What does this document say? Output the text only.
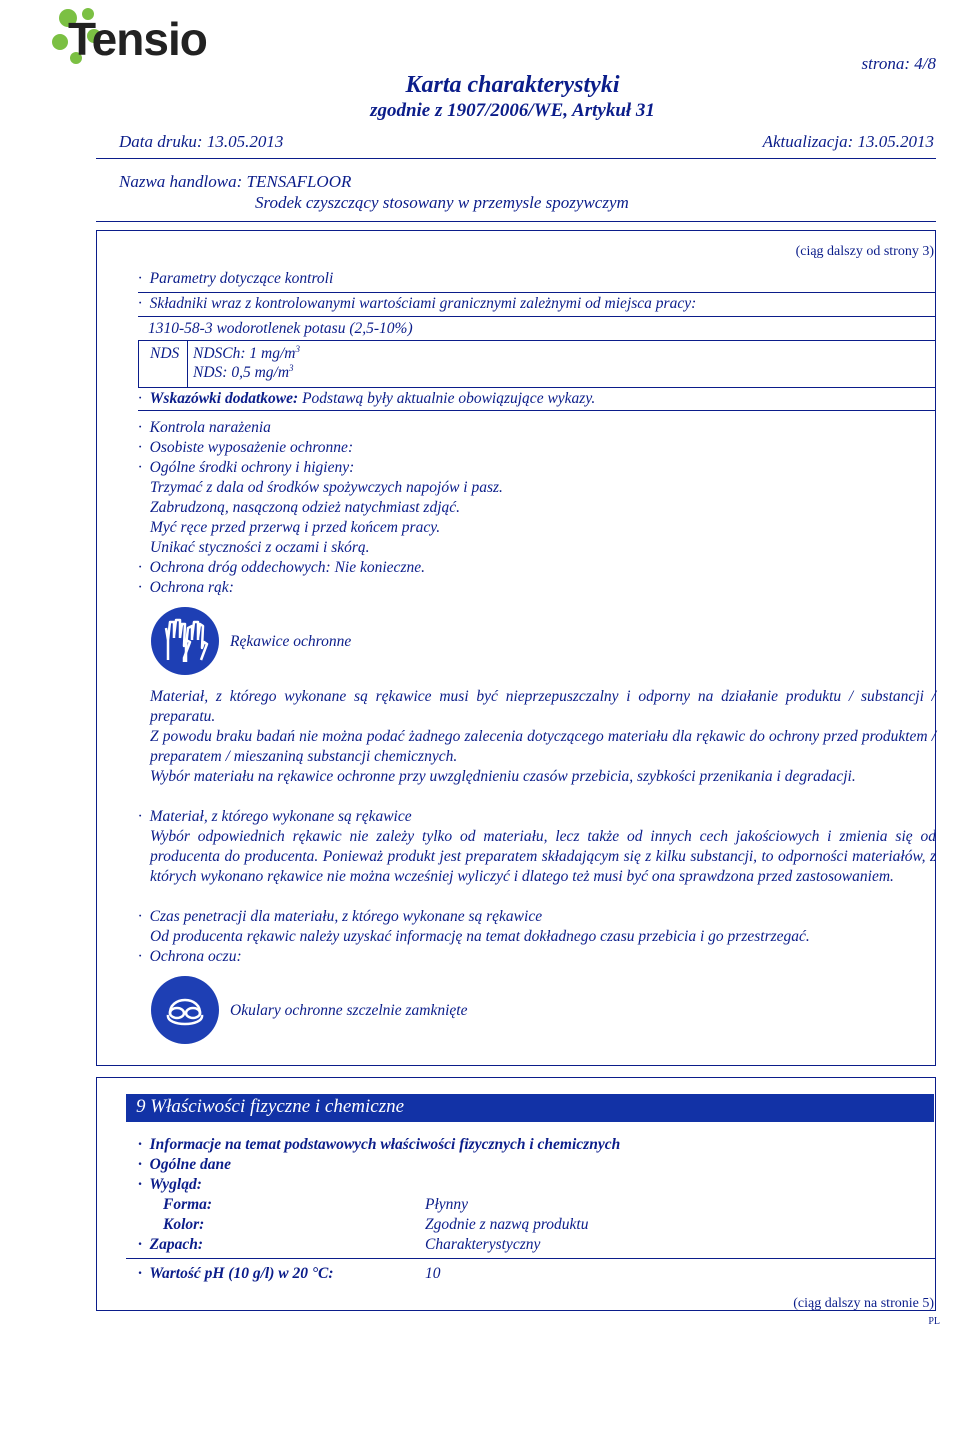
Tensio	strona: 4/8
Karta charakterystyki
zgodnie z 1907/2006/WE, Artykuł 31
Data druku: 13.05.2013	Aktualizacja: 13.05.2013
Nazwa handlowa: TENSAFLOOR
Srodek czyszczący stosowany w przemysle spozywczym
(ciąg dalszy od strony 3)
· Parametry dotyczące kontroli
· Składniki wraz z kontrolowanymi wartościami granicznymi zależnymi od miejsca pracy:
1310-58-3 wodorotlenek potasu (2,5-10%)
NDS NDSCh: 1 $mg/m^3$
NDS: 0,5 $mg/m^3$
· Wskazówki dodatkowe: Podstawą były aktualnie obowiązujące wykazy.
· Kontrola narażenia
· Osobiste wyposażenie ochronne:
· Ogólne środki ochrony i higieny:
Trzymać z dala od środków spożywczych napojów i pasz.
Zabrudzoną, nasączoną odzież natychmiast zdjąć.
Myć ręce przed przerwą i przed końcem pracy.
Unikać styczności z oczami i skórą.
· Ochrona dróg oddechowych: Nie konieczne.
· Ochrona rąk:
Rękawice ochronne
Materiał, z którego wykonane są rękawice musi być nieprzepuszczalny i odporny na działanie produktu / substancji / preparatu.
Z powodu braku badań nie można podać żadnego zalecenia dotyczącego materiału dla rękawic do ochrony przed produktem / preparatem / mieszaniną substancji chemicznych.
Wybór materiału na rękawice ochronne przy uwzględnieniu czasów przebicia, szybkości przenikania i degradacji.
· Materiał, z którego wykonane są rękawice
Wybór odpowiednich rękawic nie zależy tylko od materiału, lecz także od innych cech jakościowych i zmienia się od producenta do producenta. Ponieważ produkt jest preparatem składającym się z kilku substancji, to odporności materiałów, z których wykonano rękawice nie można wcześniej wyliczyć i dlatego też musi być ona sprawdzona przed zastosowaniem.
· Czas penetracji dla materiału, z którego wykonane są rękawice
Od producenta rękawic należy uzyskać informację na temat dokładnego czasu przebicia i go przestrzegać.
· Ochrona oczu:
Okulary ochronne szczelnie zamknięte
9 Właściwości fizyczne i chemiczne
· Informacje na temat podstawowych właściwości fizycznych i chemicznych
· Ogólne dane
· Wygląd:
Forma:	Płynny
Kolor:	Zgodnie z nazwą produktu
· Zapach:	Charakterystyczny
· Wartość pH (10 g/l) w 20 °C:	10
(ciąg dalszy na stronie 5)
PL
